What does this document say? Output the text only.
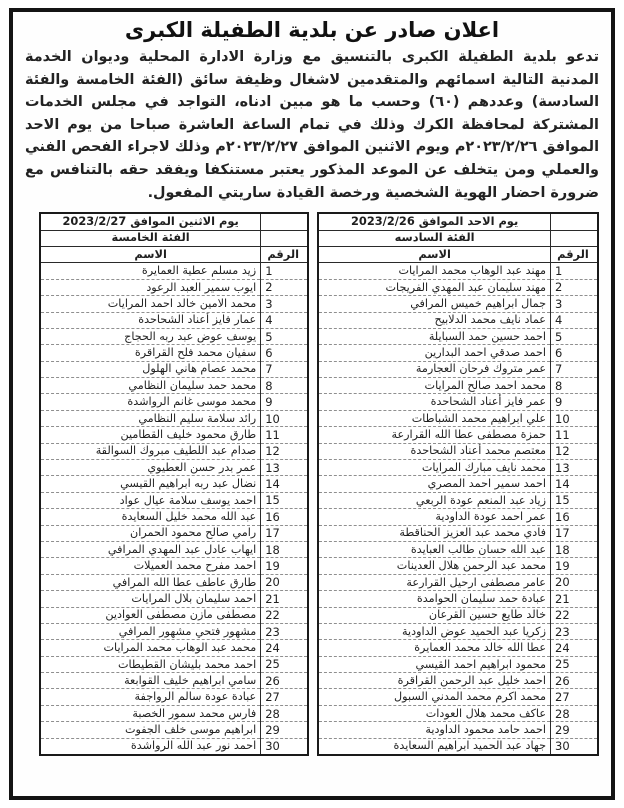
اعلان صادر عن بلدية الطفيلة الكبرى

تدعو بلدية الطفيلة الكبرى بالتنسيق مع وزارة الادارة المحلية وديوان الخدمة المدنية التالية اسمائهم والمتقدمين لاشغال وظيفة سائق (الفئة الخامسة والفئة السادسة) وعددهم (٦٠) وحسب ما هو مبين ادناه، التواجد في مجلس الخدمات المشتركة لمحافظة الكرك وذلك في تمام الساعة العاشرة صباحا من يوم الاحد الموافق ٢٠٢٣/٢/٢٦م ويوم الاثنين الموافق ٢٠٢٣/٢/٢٧م وذلك لاجراء الفحص الفني والعملي ومن يتخلف عن الموعد المذكور يعتبر مستنكفا ويفقد حقه بالتنافس مع ضرورة احضار الهوية الشخصية ورخصة القيادة ساريتي المفعول.

	يوم الاحد الموافق 2023/2/26
	الفئة السادسه
الرقم	الاسم
1	مهند عبد الوهاب محمد المرايات
2	مهند سليمان عبد المهدي الفريجات
3	جمال ابراهيم خميس المرافي
4	عماد نايف محمد الدلابيح
5	احمد حسين حمد السبايلة
6	احمد صدقي احمد البدارين
7	عمر متروك فرحان العجارمة
8	محمد احمد صالح المرايات
9	عمر فايز أعناد الشحاحدة
10	علي ابراهيم محمد الشباطات
11	حمزة مصطفى عطا الله القرارعة
12	معتصم محمد أعناد الشحاحدة
13	محمد نايف مبارك المرايات
14	احمد سمير احمد المصري
15	زياد عبد المنعم عودة الربعي
16	عمر احمد عودة الداودية
17	فادي محمد عبد العزيز الحناقطة
18	عبد الله حسان طالب العبايدة
19	محمد عبد الرحمن هلال العدينات
20	عامر مصطفى ارحيل القرارعة
21	عبادة حمد سليمان الحوامدة
22	خالد طايع حسين القرعان
23	زكريا عبد الحميد عوض الداودية
24	عطا الله خالد محمد العمايرة
25	محمود ابراهيم احمد القيسي
26	احمد خليل عبد الرحمن القراقرة
27	محمد اكرم محمد المدني السبول
28	عاكف محمد هلال العودات
29	احمد حامد محمود الداودية
30	جهاد عبد الحميد ابراهيم السعايدة
	يوم الاثنين الموافق 2023/2/27
	الفئة الخامسة
الرقم	الاسم
1	زيد مسلم عطية العمايرة
2	ايوب سمير العبد الرعود
3	محمد الامين خالد احمد المرايات
4	عمار فايز أعناد الشحاحدة
5	يوسف عوض عبد ربه الحجاج
6	سفيان محمد فلح القراقرة
7	محمد عصام هاني الهلول
8	محمد حمد سليمان النظامي
9	محمد موسى غانم الرواشدة
10	رائد سلامة سليم النظامي
11	طارق محمود خليف القطامين
12	صدام عبد اللطيف مبروك السوالقة
13	عمر بدر حسن العطيوي
14	نضال عبد ربه ابراهيم القيسي
15	احمد يوسف سلامة عيال عواد
16	عبد الله محمد خليل السعايدة
17	رامي صالح محمود الحمران
18	ايهاب عادل عبد المهدي المرافي
19	احمد مفرح محمد العميلات
20	طارق عاطف عطا الله المرافي
21	احمد سليمان بلال المرايات
22	مصطفى مازن مصطفى العوادين
23	مشهور فتحي مشهور المرافي
24	محمد عبد الوهاب محمد المرايات
25	احمد محمد بليشان القطيطات
26	سامي ابراهيم خليف القوابعة
27	عبادة عودة سالم الرواجفة
28	فارس محمد سمور الخصبة
29	ابراهيم موسى خلف الجفوت
30	احمد نور عبد الله الرواشدة
